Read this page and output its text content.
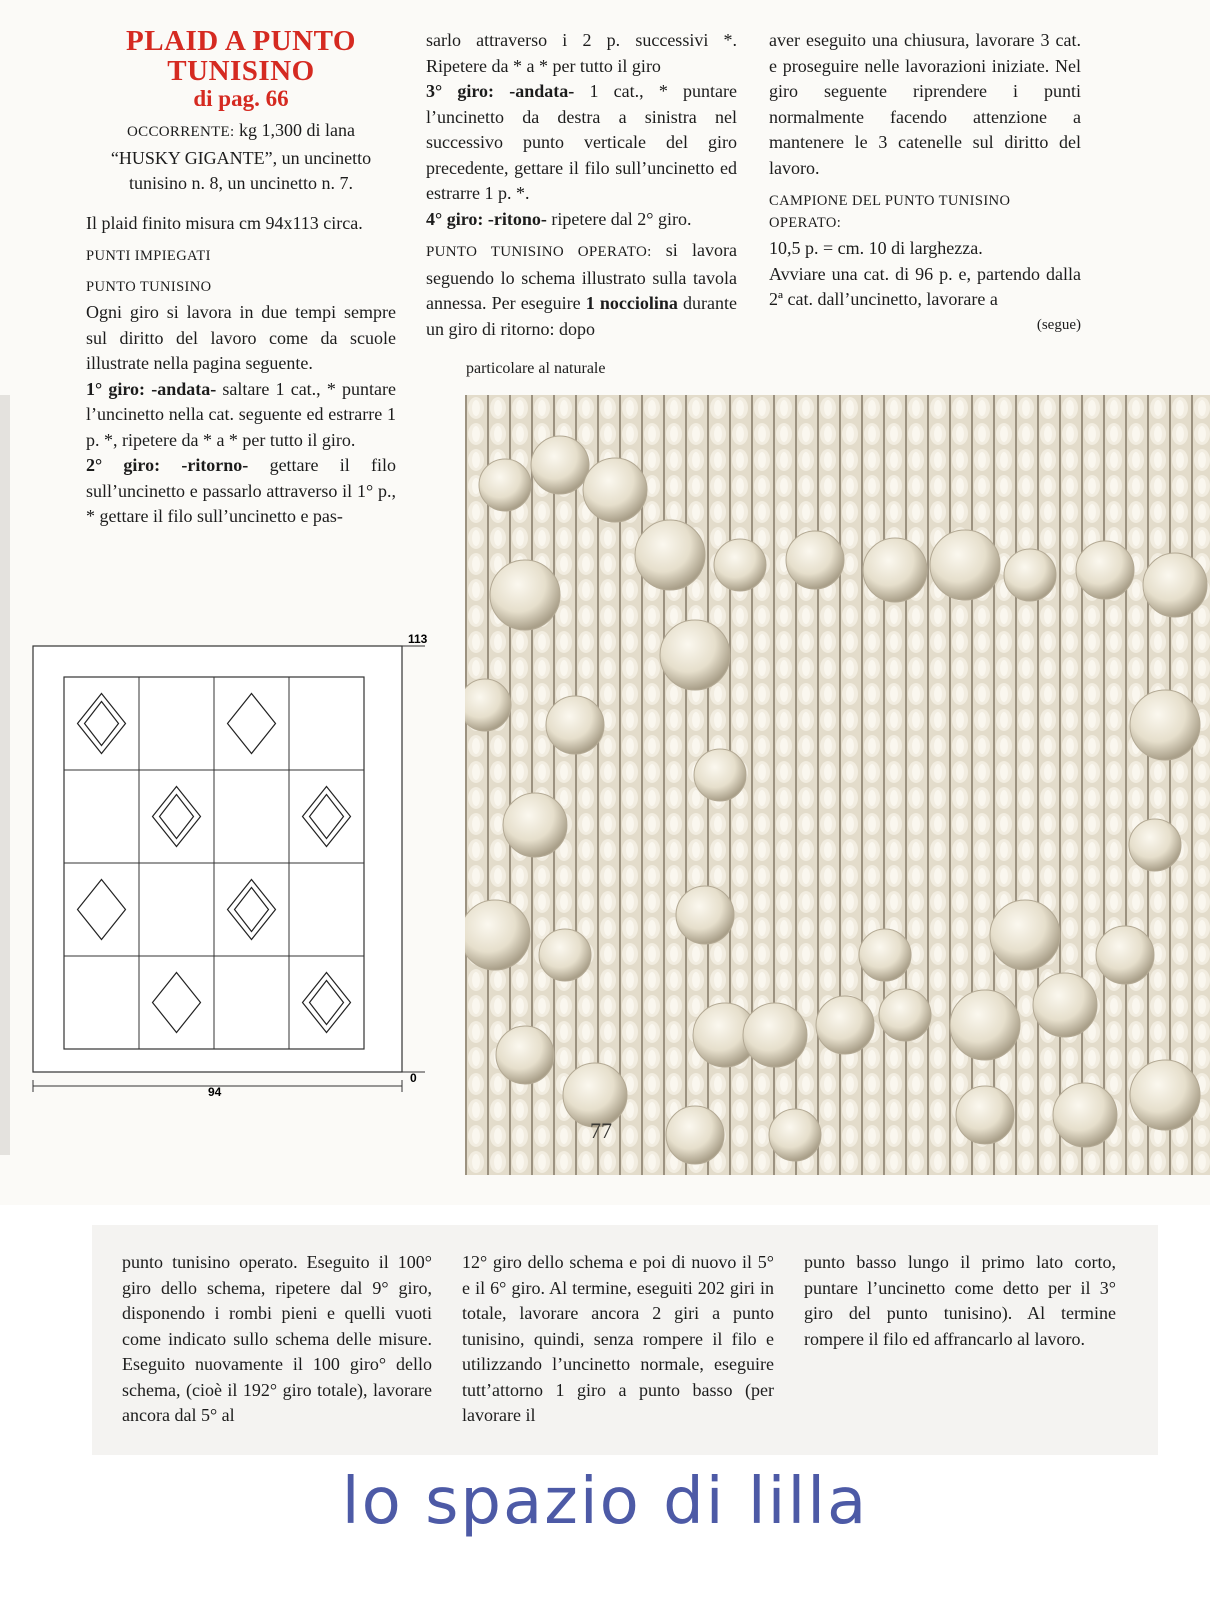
PLAID A PUNTO
TUNISINO
di pag. 66
OCCORRENTE: kg 1,300 di lana
“HUSKY GIGANTE”, un uncinetto
tunisino n. 8, un uncinetto n. 7.

Il plaid finito misura cm 94x113 circa.

PUNTI IMPIEGATI
PUNTO TUNISINO

Ogni giro si lavora in due tempi sempre sul diritto del lavoro come da scuole illustrate nella pagina seguente.

1° giro: -andata- saltare 1 cat., * puntare l’uncinetto nella cat. seguente ed estrarre 1 p. *, ripetere da * a * per tutto il giro.

2° giro: -ritorno- gettare il filo sull’uncinetto e passarlo attraverso il 1° p., * gettare il filo sull’uncinetto e pas-

sarlo attraverso i 2 p. successivi *. Ripetere da * a * per tutto il giro

3° giro: -andata- 1 cat., * puntare l’uncinetto da destra a sinistra nel successivo punto verticale del giro precedente, gettare il filo sull’uncinetto ed estrarre 1 p. *.

4° giro: -ritono- ripetere dal 2° giro.

PUNTO TUNISINO OPERATO: si lavora seguendo lo schema illustrato sulla tavola annessa. Per eseguire 1 nocciolina durante un giro di ritorno: dopo

aver eseguito una chiusura, lavorare 3 cat. e proseguire nelle lavorazioni iniziate. Nel giro seguente riprendere i punti normalmente facendo attenzione a mantenere le 3 catenelle sul diritto del lavoro.

CAMPIONE DEL PUNTO TUNISINO OPERATO:

10,5 p. = cm. 10 di larghezza.

Avviare una cat. di 96 p. e, partendo dalla 2ª cat. dall’uncinetto, lavorare a

(segue)
particolare al naturale
77
113
0
94
punto tunisino operato. Eseguito il 100° giro dello schema, ripetere dal 9° giro, disponendo i rombi pieni e quelli vuoti come indicato sullo schema delle misure. Eseguito nuovamente il 100 giro° dello schema, (cioè il 192° giro totale), lavorare ancora dal 5° al
12° giro dello schema e poi di nuovo il 5° e il 6° giro. Al termine, eseguiti 202 giri in totale, lavorare ancora 2 giri a punto tunisino, quindi, senza rompere il filo e utilizzando l’uncinetto normale, eseguire tutt’attorno 1 giro a punto basso (per lavorare il
punto basso lungo il primo lato corto, puntare l’uncinetto come detto per il 3° giro del punto tunisino). Al termine rompere il filo ed affrancarlo al lavoro.
lo spazio di lilla
